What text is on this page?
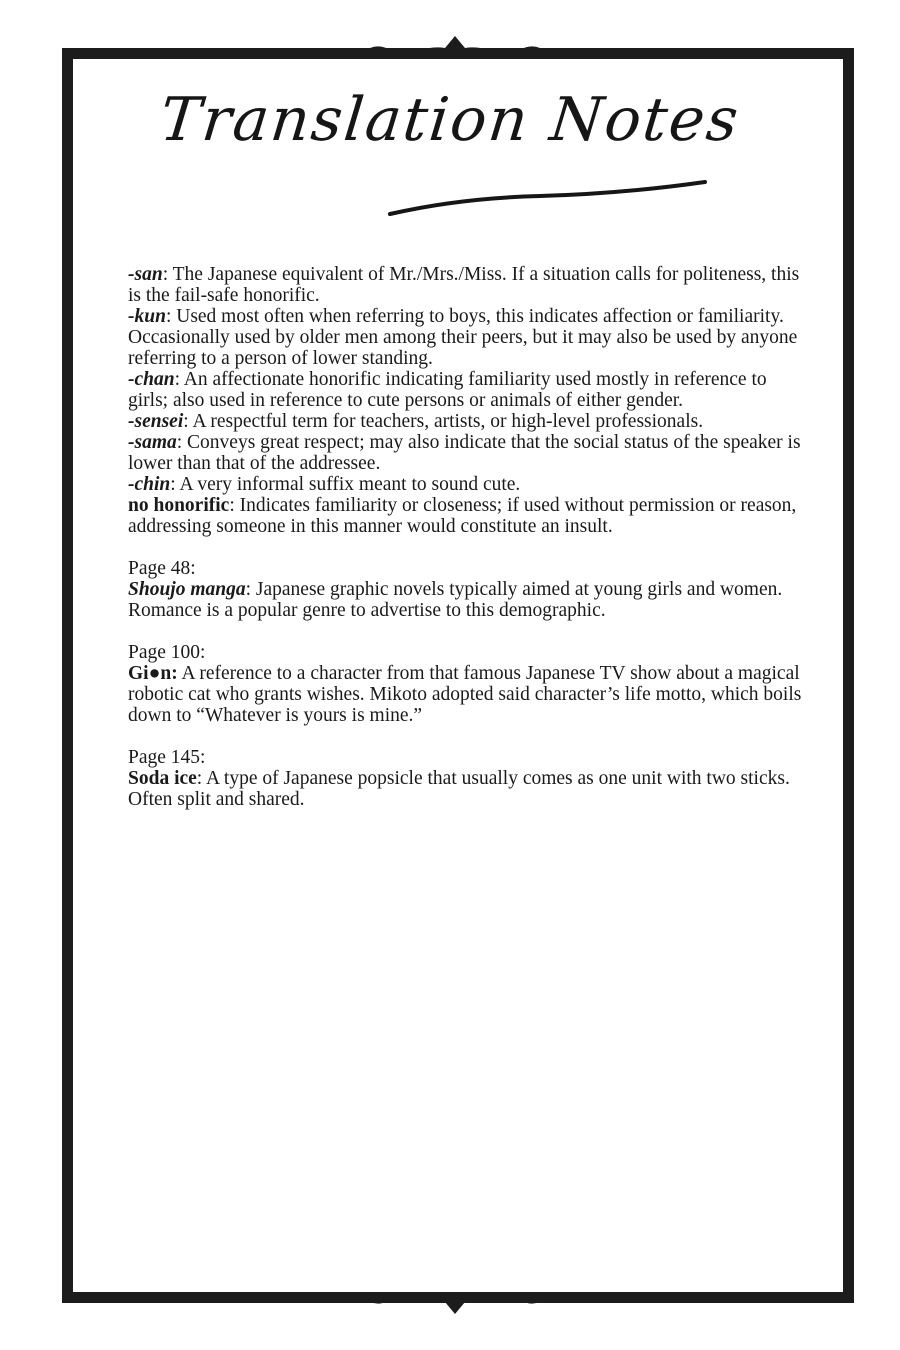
Translation Notes

-san: The Japanese equivalent of Mr./Mrs./Miss. If a situation calls for politeness, this is the fail-safe honorific.

-kun: Used most often when referring to boys, this indicates affection or familiarity. Occasionally used by older men among their peers, but it may also be used by anyone referring to a person of lower standing.

-chan: An affectionate honorific indicating familiarity used mostly in reference to girls; also used in reference to cute persons or animals of either gender.

-sensei: A respectful term for teachers, artists, or high-level professionals.

-sama: Conveys great respect; may also indicate that the social status of the speaker is lower than that of the addressee.

-chin: A very informal suffix meant to sound cute.

no honorific: Indicates familiarity or closeness; if used without permission or reason, addressing someone in this manner would constitute an insult.

Page 48:

Shoujo manga: Japanese graphic novels typically aimed at young girls and women. Romance is a popular genre to advertise to this demographic.

Page 100:

Gi●n: A reference to a character from that famous Japanese TV show about a magical robotic cat who grants wishes. Mikoto adopted said character’s life motto, which boils down to “Whatever is yours is mine.”

Page 145:

Soda ice: A type of Japanese popsicle that usually comes as one unit with two sticks. Often split and shared.
